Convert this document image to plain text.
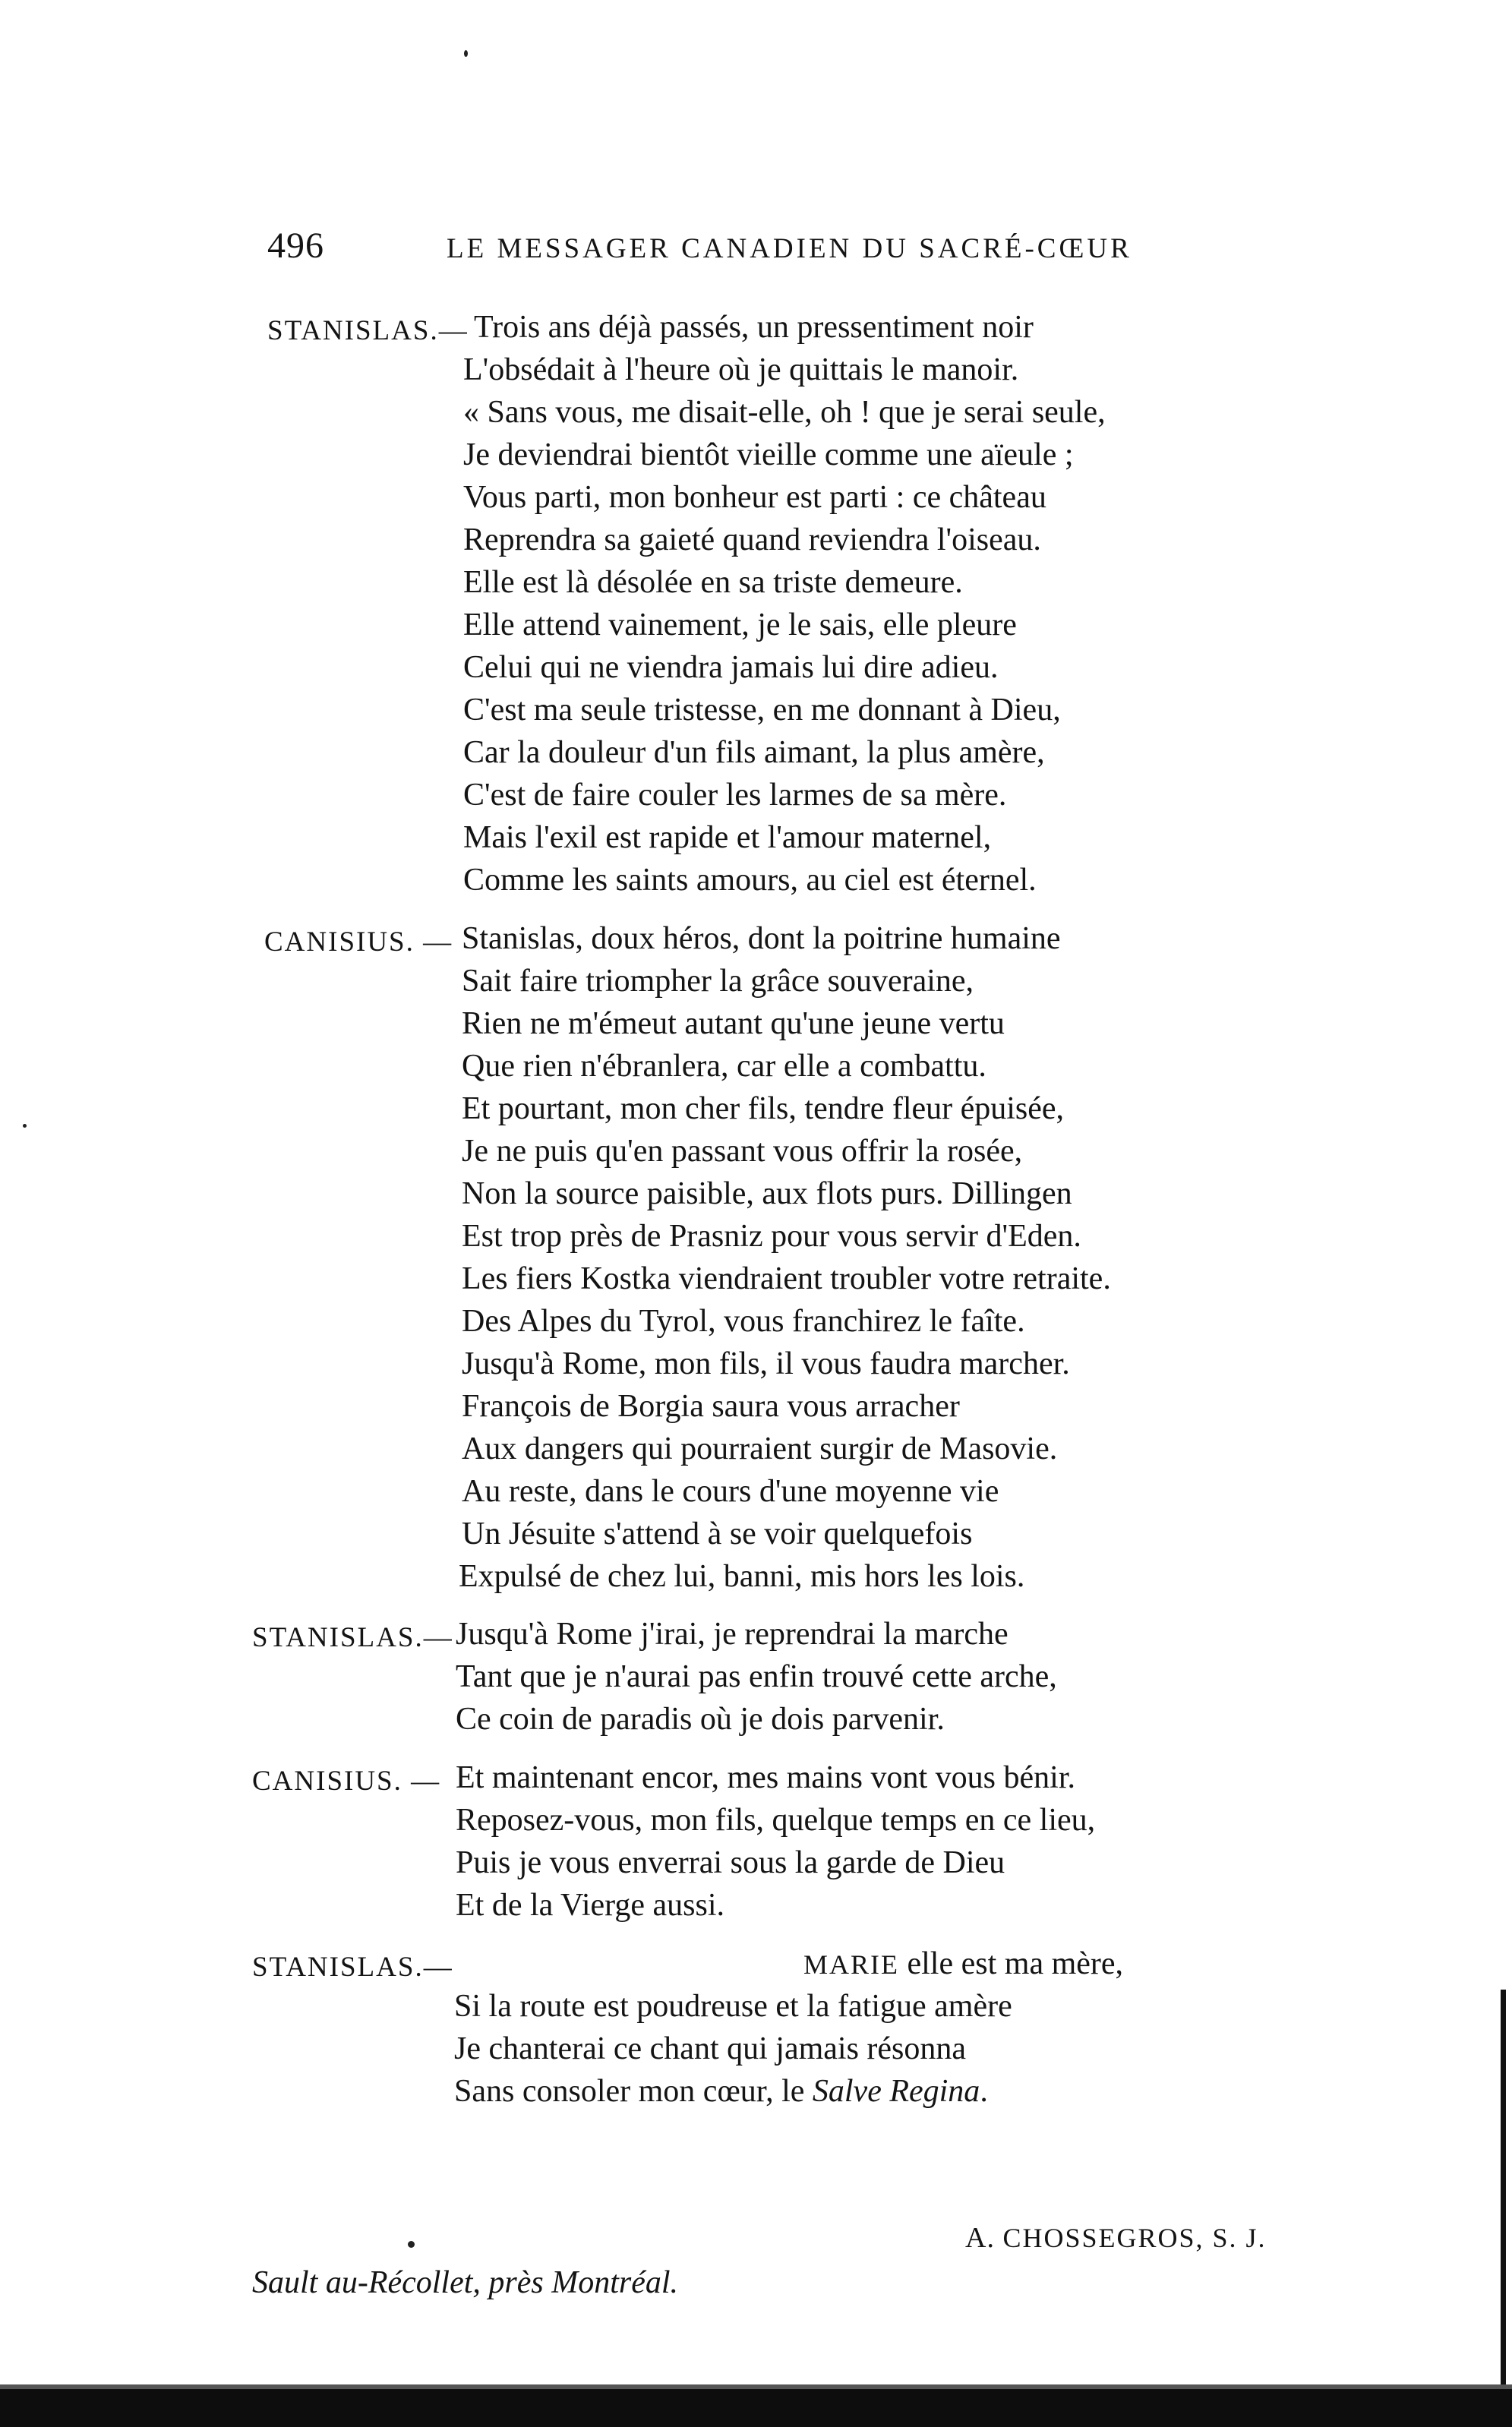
496	LE MESSAGER CANADIEN DU SACRÉ-CŒUR
STANISLAS.— Trois ans déjà passés, un pressentiment noir
L'obsédait à l'heure où je quittais le manoir.
« Sans vous, me disait-elle, oh ! que je serai seule,
Je deviendrai bientôt vieille comme une aïeule ;
Vous parti, mon bonheur est parti : ce château
Reprendra sa gaieté quand reviendra l'oiseau.
Elle est là désolée en sa triste demeure.
Elle attend vainement, je le sais, elle pleure
Celui qui ne viendra jamais lui dire adieu.
C'est ma seule tristesse, en me donnant à Dieu,
Car la douleur d'un fils aimant, la plus amère,
C'est de faire couler les larmes de sa mère.
Mais l'exil est rapide et l'amour maternel,
Comme les saints amours, au ciel est éternel.
CANISIUS. — Stanislas, doux héros, dont la poitrine humaine
Sait faire triompher la grâce souveraine,
Rien ne m'émeut autant qu'une jeune vertu
Que rien n'ébranlera, car elle a combattu.
Et pourtant, mon cher fils, tendre fleur épuisée,
Je ne puis qu'en passant vous offrir la rosée,
Non la source paisible, aux flots purs. Dillingen
Est trop près de Prasniz pour vous servir d'Eden.
Les fiers Kostka viendraient troubler votre retraite.
Des Alpes du Tyrol, vous franchirez le faîte.
Jusqu'à Rome, mon fils, il vous faudra marcher.
François de Borgia saura vous arracher
Aux dangers qui pourraient surgir de Masovie.
Au reste, dans le cours d'une moyenne vie
Un Jésuite s'attend à se voir quelquefois
Expulsé de chez lui, banni, mis hors les lois.
STANISLAS.— Jusqu'à Rome j'irai, je reprendrai la marche
Tant que je n'aurai pas enfin trouvé cette arche,
Ce coin de paradis où je dois parvenir.
CANISIUS. — Et maintenant encor, mes mains vont vous bénir.
Reposez-vous, mon fils, quelque temps en ce lieu,
Puis je vous enverrai sous la garde de Dieu
Et de la Vierge aussi.
STANISLAS.—	MARIE elle est ma mère,
Si la route est poudreuse et la fatigue amère
Je chanterai ce chant qui jamais résonna
Sans consoler mon cœur, le Salve Regina.
A. CHOSSEGROS, S. J.
Sault au-Récollet, près Montréal.
